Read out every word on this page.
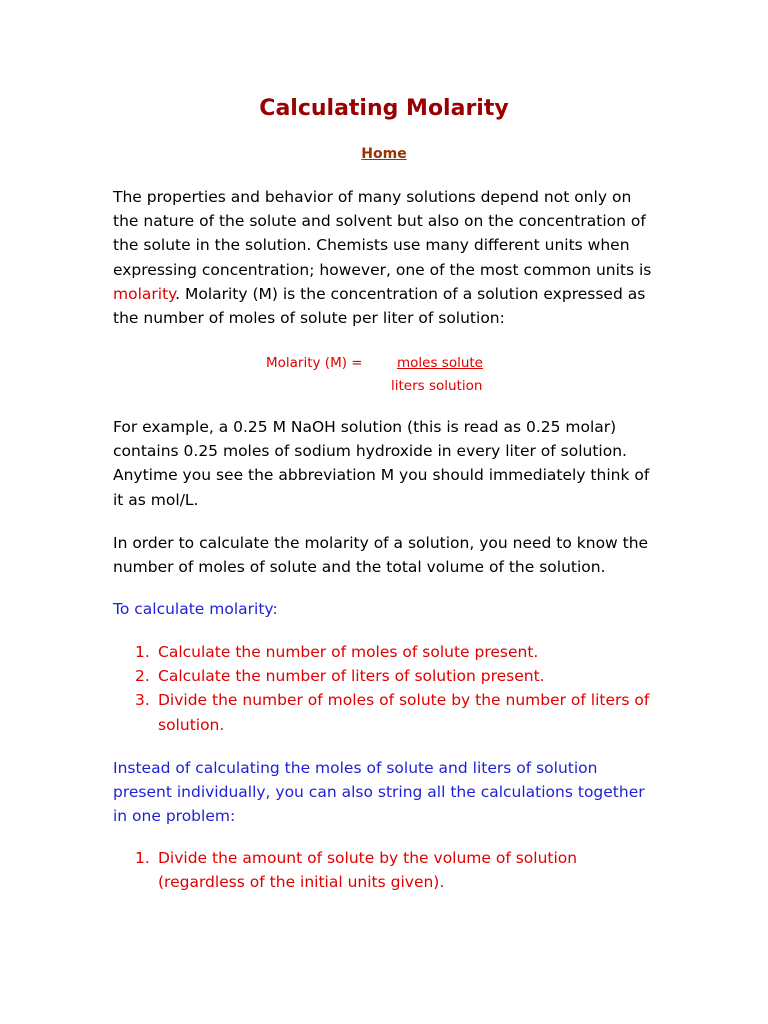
Calculating Molarity
Home

The properties and behavior of many solutions depend not only on the nature of the solute and solvent but also on the concentration of the solute in the solution. Chemists use many different units when expressing concentration; however, one of the most common units is molarity. Molarity (M) is the concentration of a solution expressed as the number of moles of solute per liter of solution:

Molarity (M) =	moles solute
liters solution

For example, a 0.25 M NaOH solution (this is read as 0.25 molar) contains 0.25 moles of sodium hydroxide in every liter of solution. Anytime you see the abbreviation M you should immediately think of it as mol/L.

In order to calculate the molarity of a solution, you need to know the number of moles of solute and the total volume of the solution.

To calculate molarity:

1. Calculate the number of moles of solute present.
2. Calculate the number of liters of solution present.
3. Divide the number of moles of solute by the number of liters of solution.

Instead of calculating the moles of solute and liters of solution present individually, you can also string all the calculations together in one problem:

1. Divide the amount of solute by the volume of solution (regardless of the initial units given).
